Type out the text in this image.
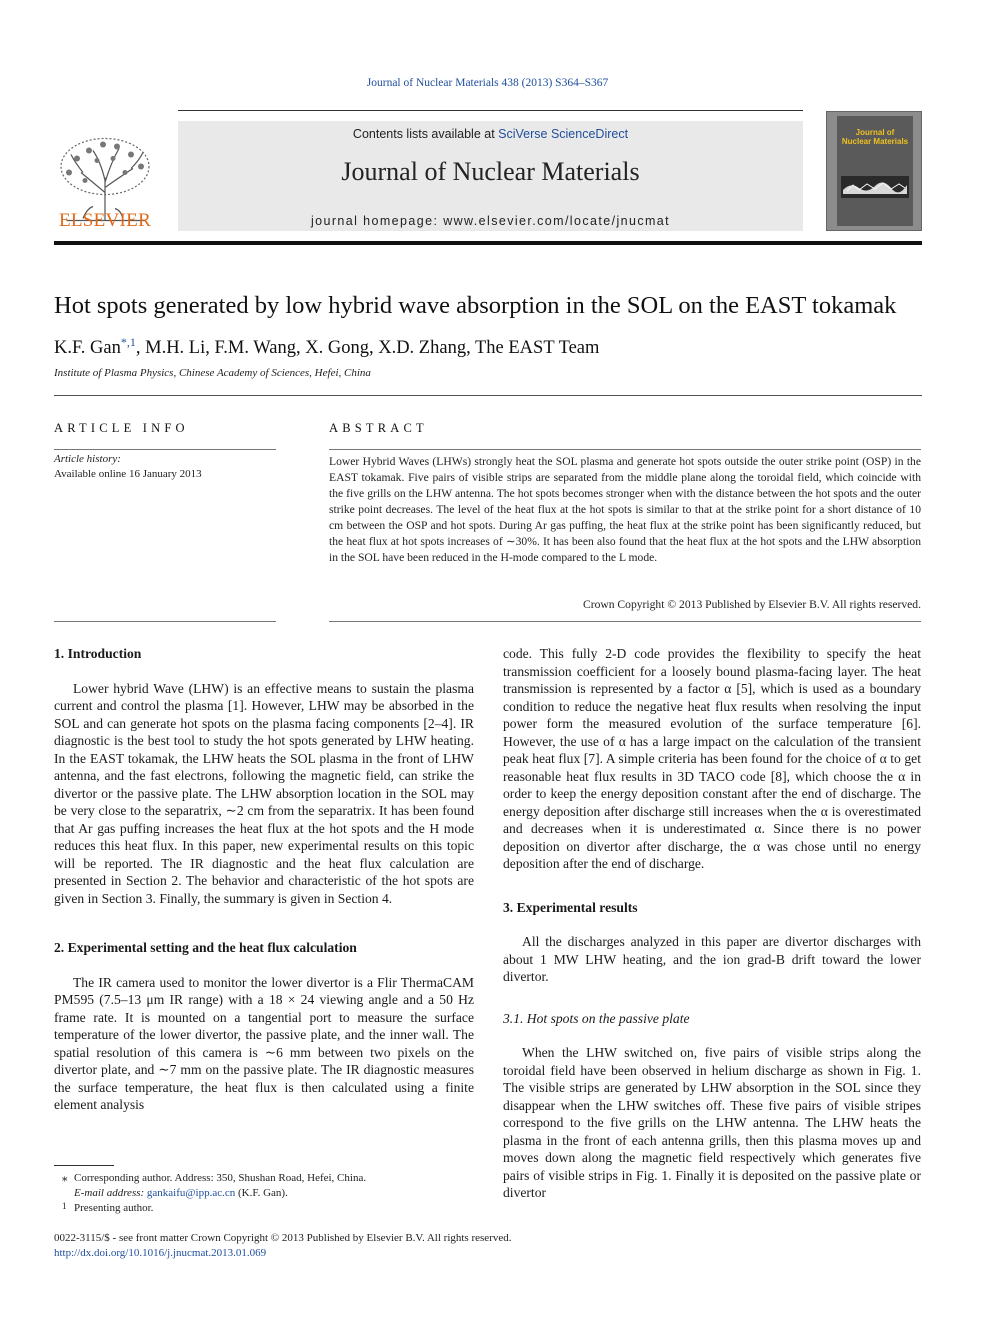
Journal of Nuclear Materials 438 (2013) S364–S367
ELSEVIER
Contents lists available at SciVerse ScienceDirect
Journal of Nuclear Materials
journal homepage: www.elsevier.com/locate/jnucmat
Journal of
Nuclear Materials
Hot spots generated by low hybrid wave absorption in the SOL on the EAST tokamak
K.F. Gan$^{*,1}$, M.H. Li, F.M. Wang, X. Gong, X.D. Zhang, The EAST Team
Institute of Plasma Physics, Chinese Academy of Sciences, Hefei, China
ARTICLE INFO	ABSTRACT
Article history:
Available online 16 January 2013
Lower Hybrid Waves (LHWs) strongly heat the SOL plasma and generate hot spots outside the outer strike point (OSP) in the EAST tokamak. Five pairs of visible strips are separated from the middle plane along the toroidal field, which coincide with the five grills on the LHW antenna. The hot spots becomes stronger when with the distance between the hot spots and the outer strike point decreases. The level of the heat flux at the hot spots is similar to that at the strike point for a short distance of 10 cm between the OSP and hot spots. During Ar gas puffing, the heat flux at the strike point has been significantly reduced, but the heat flux at hot spots increases of ∼30%. It has been also found that the heat flux at the hot spots and the LHW absorption in the SOL have been reduced in the H-mode compared to the L mode.
Crown Copyright © 2013 Published by Elsevier B.V. All rights reserved.
1. Introduction

Lower hybrid Wave (LHW) is an effective means to sustain the plasma current and control the plasma [1]. However, LHW may be absorbed in the SOL and can generate hot spots on the plasma facing components [2–4]. IR diagnostic is the best tool to study the hot spots generated by LHW heating. In the EAST tokamak, the LHW heats the SOL plasma in the front of LHW antenna, and the fast electrons, following the magnetic field, can strike the divertor or the passive plate. The LHW absorption location in the SOL may be very close to the separatrix, ∼2 cm from the separatrix. It has been found that Ar gas puffing increases the heat flux at the hot spots and the H mode reduces this heat flux. In this paper, new experimental results on this topic will be reported. The IR diagnostic and the heat flux calculation are presented in Section 2. The behavior and characteristic of the hot spots are given in Section 3. Finally, the summary is given in Section 4.

2. Experimental setting and the heat flux calculation

The IR camera used to monitor the lower divertor is a Flir ThermaCAM PM595 (7.5–13 μm IR range) with a 18 × 24 viewing angle and a 50 Hz frame rate. It is mounted on a tangential port to measure the surface temperature of the lower divertor, the passive plate, and the inner wall. The spatial resolution of this camera is ∼6 mm between two pixels on the divertor plate, and ∼7 mm on the passive plate. The IR diagnostic measures the surface temperature, the heat flux is then calculated using a finite element analysis

code. This fully 2-D code provides the flexibility to specify the heat transmission coefficient for a loosely bound plasma-facing layer. The heat transmission is represented by a factor α [5], which is used as a boundary condition to reduce the negative heat flux results when resolving the input power form the measured evolution of the surface temperature [6]. However, the use of α has a large impact on the calculation of the transient peak heat flux [7]. A simple criteria has been found for the choice of α to get reasonable heat flux results in 3D TACO code [8], which choose the α in order to keep the energy deposition constant after the end of discharge. The energy deposition after discharge still increases when the α is overestimated and decreases when it is underestimated α. Since there is no power deposition on divertor after discharge, the α was chose until no energy deposition after the end of discharge.

3. Experimental results

All the discharges analyzed in this paper are divertor discharges with about 1 MW LHW heating, and the ion grad-B drift toward the lower divertor.

3.1. Hot spots on the passive plate

When the LHW switched on, five pairs of visible strips along the toroidal field have been observed in helium discharge as shown in Fig. 1. The visible strips are generated by LHW absorption in the SOL since they disappear when the LHW switches off. These five pairs of visible stripes correspond to the five grills on the LHW antenna. The LHW heats the plasma in the front of each antenna grills, then this plasma moves up and moves down along the magnetic field respectively which generates five pairs of visible strips in Fig. 1. Finally it is deposited on the passive plate or divertor

⁎ Corresponding author. Address: 350, Shushan Road, Hefei, China.
E-mail address: gankaifu@ipp.ac.cn (K.F. Gan).
1 Presenting author.
0022-3115/$ - see front matter Crown Copyright © 2013 Published by Elsevier B.V. All rights reserved.
http://dx.doi.org/10.1016/j.jnucmat.2013.01.069
